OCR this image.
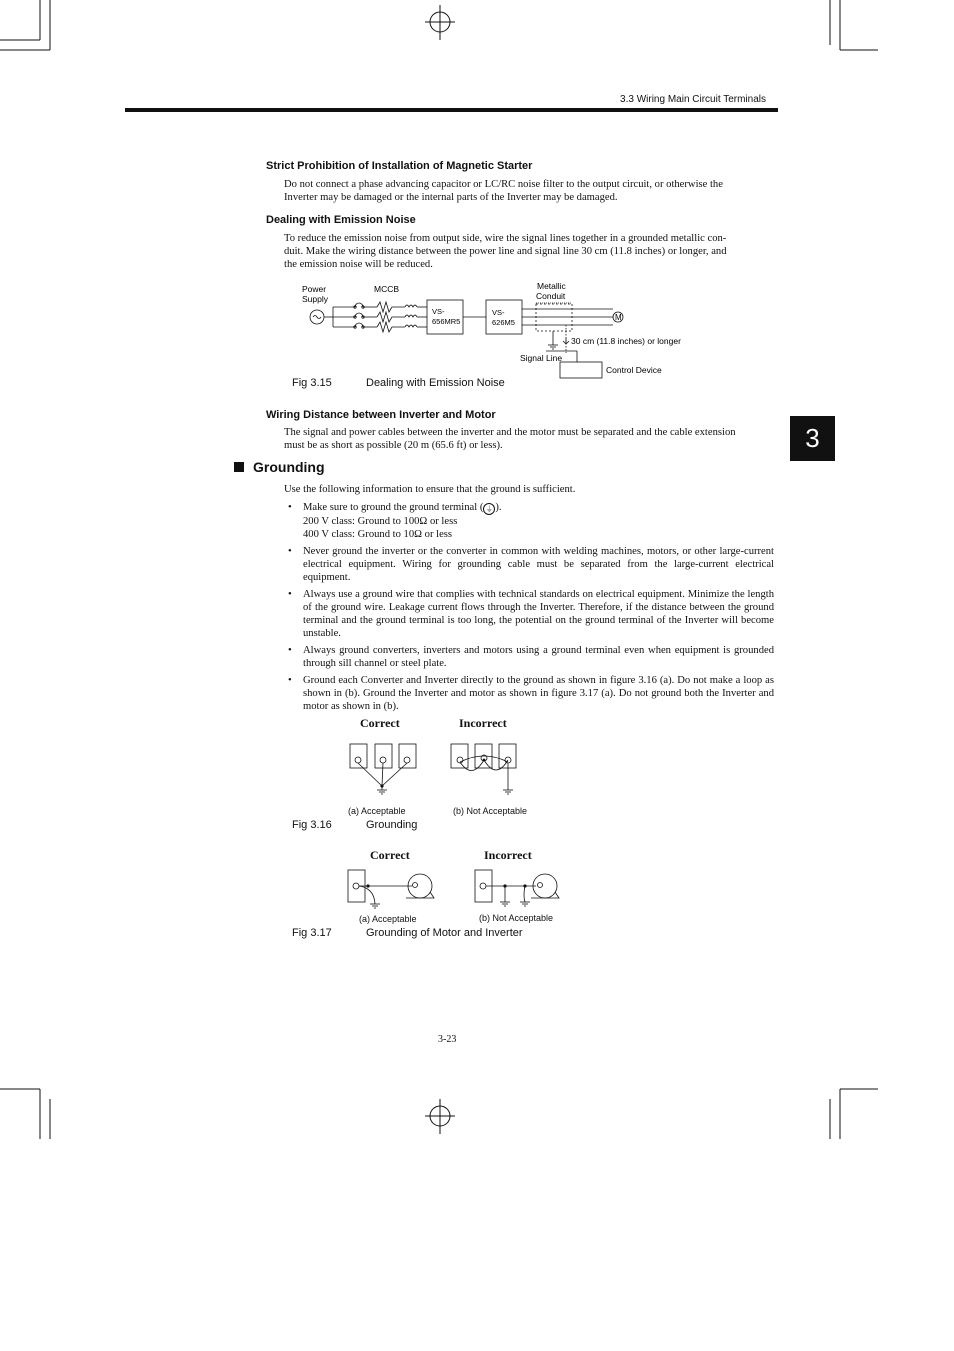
3.3 Wiring Main Circuit Terminals
3
Strict Prohibition of Installation of Magnetic Starter
Do not connect a phase advancing capacitor or LC/RC noise filter to the output circuit, or otherwise the
Inverter may be damaged or the internal parts of the Inverter may be damaged.
Dealing with Emission Noise
To reduce the emission noise from output side, wire the signal lines together in a grounded metallic con-
duit. Make the wiring distance between the power line and signal line 30 cm (11.8 inches) or longer, and
the emission noise will be reduced.
Power
Supply
MCCB
VS-
656MR5
VS-
626M5
Metallic
Conduit
M
30 cm (11.8 inches) or longer
Signal Line
Control Device
Fig 3.15	Dealing with Emission Noise
Wiring Distance between Inverter and Motor
The signal and power cables between the inverter and the motor must be separated and the cable extension
must be as short as possible (20 m (65.6 ft) or less).
Grounding
Use the following information to ensure that the ground is sufficient.
• Make sure to ground the ground terminal ( ⏚ ).
200 V class: Ground to 100Ω or less
400 V class: Ground to 10Ω or less
• Never ground the inverter or the converter in common with welding machines, motors, or other large-current electrical equipment. Wiring for grounding cable must be separated from the large-current electrical equipment.
• Always use a ground wire that complies with technical standards on electrical equipment. Minimize the length of the ground wire. Leakage current flows through the Inverter. Therefore, if the distance between the ground terminal and the ground terminal is too long, the potential on the ground terminal of the Inverter will become unstable.
• Always ground converters, inverters and motors using a ground terminal even when equipment is grounded through sill channel or steel plate.
• Ground each Converter and Inverter directly to the ground as shown in figure 3.16 (a). Do not make a loop as shown in (b). Ground the Inverter and motor as shown in figure 3.17 (a). Do not ground both the Inverter and motor as shown in (b).
Correct	Incorrect
(a) Acceptable	(b) Not Acceptable
Fig 3.16	Grounding
Correct	Incorrect
(a) Acceptable	(b) Not Acceptable
Fig 3.17	Grounding of Motor and Inverter
3-23
